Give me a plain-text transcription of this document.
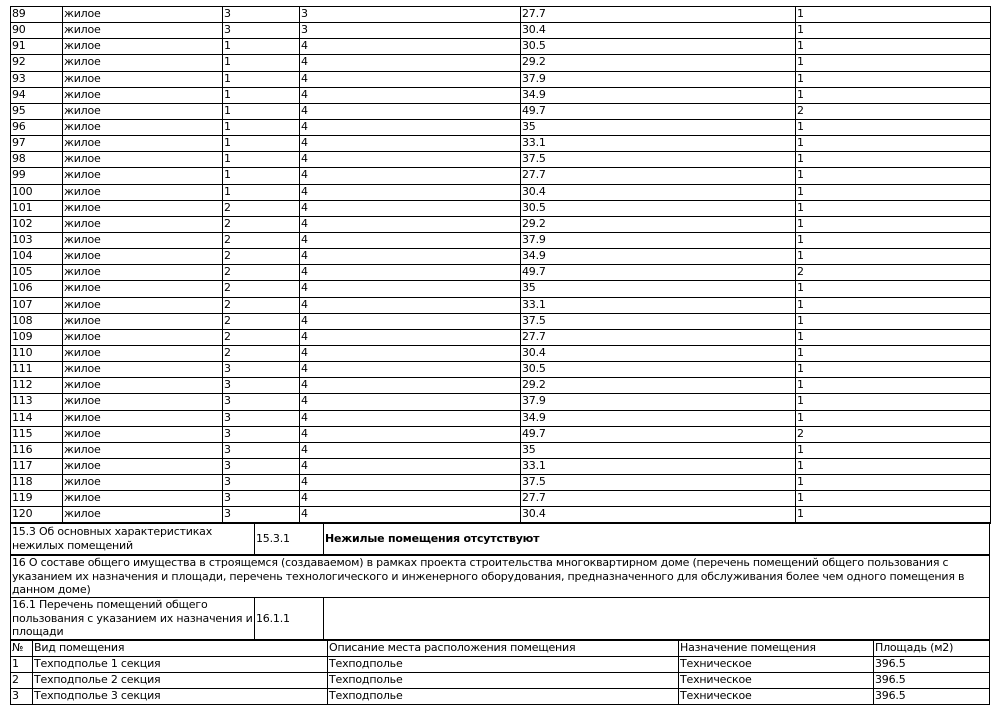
89	жилое	3	3	27.7	1
90	жилое	3	3	30.4	1
91	жилое	1	4	30.5	1
92	жилое	1	4	29.2	1
93	жилое	1	4	37.9	1
94	жилое	1	4	34.9	1
95	жилое	1	4	49.7	2
96	жилое	1	4	35	1
97	жилое	1	4	33.1	1
98	жилое	1	4	37.5	1
99	жилое	1	4	27.7	1
100	жилое	1	4	30.4	1
101	жилое	2	4	30.5	1
102	жилое	2	4	29.2	1
103	жилое	2	4	37.9	1
104	жилое	2	4	34.9	1
105	жилое	2	4	49.7	2
106	жилое	2	4	35	1
107	жилое	2	4	33.1	1
108	жилое	2	4	37.5	1
109	жилое	2	4	27.7	1
110	жилое	2	4	30.4	1
111	жилое	3	4	30.5	1
112	жилое	3	4	29.2	1
113	жилое	3	4	37.9	1
114	жилое	3	4	34.9	1
115	жилое	3	4	49.7	2
116	жилое	3	4	35	1
117	жилое	3	4	33.1	1
118	жилое	3	4	37.5	1
119	жилое	3	4	27.7	1
120	жилое	3	4	30.4	1
15.3 Об основных характеристиках нежилых помещений	15.3.1	Нежилые помещения отсутствуют
16 О составе общего имущества в строящемся (создаваемом) в рамках проекта строительства многоквартирном доме (перечень помещений общего пользования с указанием их назначения и площади, перечень технологического и инженерного оборудования, предназначенного для обслуживания более чем одного помещения в данном доме)
16.1 Перечень помещений общего пользования с указанием их назначения и площади	16.1.1	
№	Вид помещения	Описание места расположения помещения	Назначение помещения	Площадь (м2)
1	Техподполье 1 секция	Техподполье	Техническое	396.5
2	Техподполье 2 секция	Техподполье	Техническое	396.5
3	Техподполье 3 секция	Техподполье	Техническое	396.5
